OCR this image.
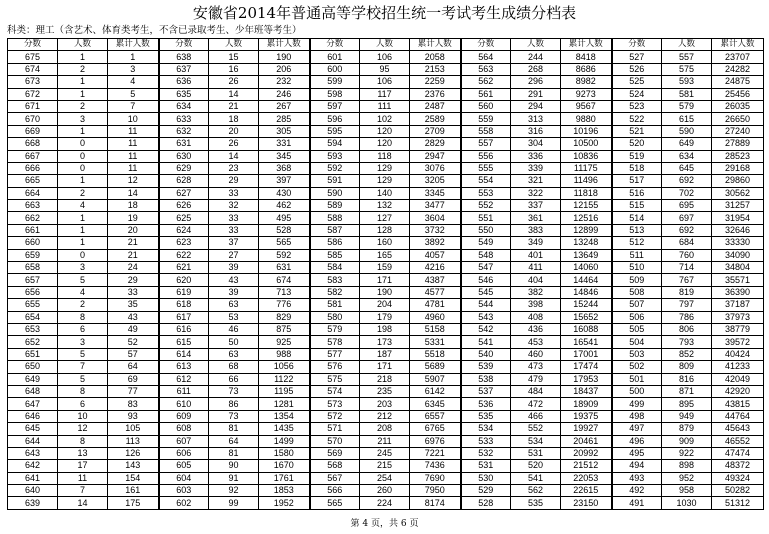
安徽省2014年普通高等学校招生统一考试考生成绩分档表
科类：理工（含艺术、体育类考生，不含已录取考生、少年班等考生）
分数	人数	累计人数	分数	人数	累计人数	分数	人数	累计人数	分数	人数	累计人数	分数	人数	累计人数
675	1	1	638	15	190	601	106	2058	564	244	8418	527	557	23707
674	2	3	637	16	206	600	95	2153	563	268	8686	526	575	24282
673	1	4	636	26	232	599	106	2259	562	296	8982	525	593	24875
672	1	5	635	14	246	598	117	2376	561	291	9273	524	581	25456
671	2	7	634	21	267	597	111	2487	560	294	9567	523	579	26035
670	3	10	633	18	285	596	102	2589	559	313	9880	522	615	26650
669	1	11	632	20	305	595	120	2709	558	316	10196	521	590	27240
668	0	11	631	26	331	594	120	2829	557	304	10500	520	649	27889
667	0	11	630	14	345	593	118	2947	556	336	10836	519	634	28523
666	0	11	629	23	368	592	129	3076	555	339	11175	518	645	29168
665	1	12	628	29	397	591	129	3205	554	321	11496	517	692	29860
664	2	14	627	33	430	590	140	3345	553	322	11818	516	702	30562
663	4	18	626	32	462	589	132	3477	552	337	12155	515	695	31257
662	1	19	625	33	495	588	127	3604	551	361	12516	514	697	31954
661	1	20	624	33	528	587	128	3732	550	383	12899	513	692	32646
660	1	21	623	37	565	586	160	3892	549	349	13248	512	684	33330
659	0	21	622	27	592	585	165	4057	548	401	13649	511	760	34090
658	3	24	621	39	631	584	159	4216	547	411	14060	510	714	34804
657	5	29	620	43	674	583	171	4387	546	404	14464	509	767	35571
656	4	33	619	39	713	582	190	4577	545	382	14846	508	819	36390
655	2	35	618	63	776	581	204	4781	544	398	15244	507	797	37187
654	8	43	617	53	829	580	179	4960	543	408	15652	506	786	37973
653	6	49	616	46	875	579	198	5158	542	436	16088	505	806	38779
652	3	52	615	50	925	578	173	5331	541	453	16541	504	793	39572
651	5	57	614	63	988	577	187	5518	540	460	17001	503	852	40424
650	7	64	613	68	1056	576	171	5689	539	473	17474	502	809	41233
649	5	69	612	66	1122	575	218	5907	538	479	17953	501	816	42049
648	8	77	611	73	1195	574	235	6142	537	484	18437	500	871	42920
647	6	83	610	86	1281	573	203	6345	536	472	18909	499	895	43815
646	10	93	609	73	1354	572	212	6557	535	466	19375	498	949	44764
645	12	105	608	81	1435	571	208	6765	534	552	19927	497	879	45643
644	8	113	607	64	1499	570	211	6976	533	534	20461	496	909	46552
643	13	126	606	81	1580	569	245	7221	532	531	20992	495	922	47474
642	17	143	605	90	1670	568	215	7436	531	520	21512	494	898	48372
641	11	154	604	91	1761	567	254	7690	530	541	22053	493	952	49324
640	7	161	603	92	1853	566	260	7950	529	562	22615	492	958	50282
639	14	175	602	99	1952	565	224	8174	528	535	23150	491	1030	51312
第 4 页，共 6 页
